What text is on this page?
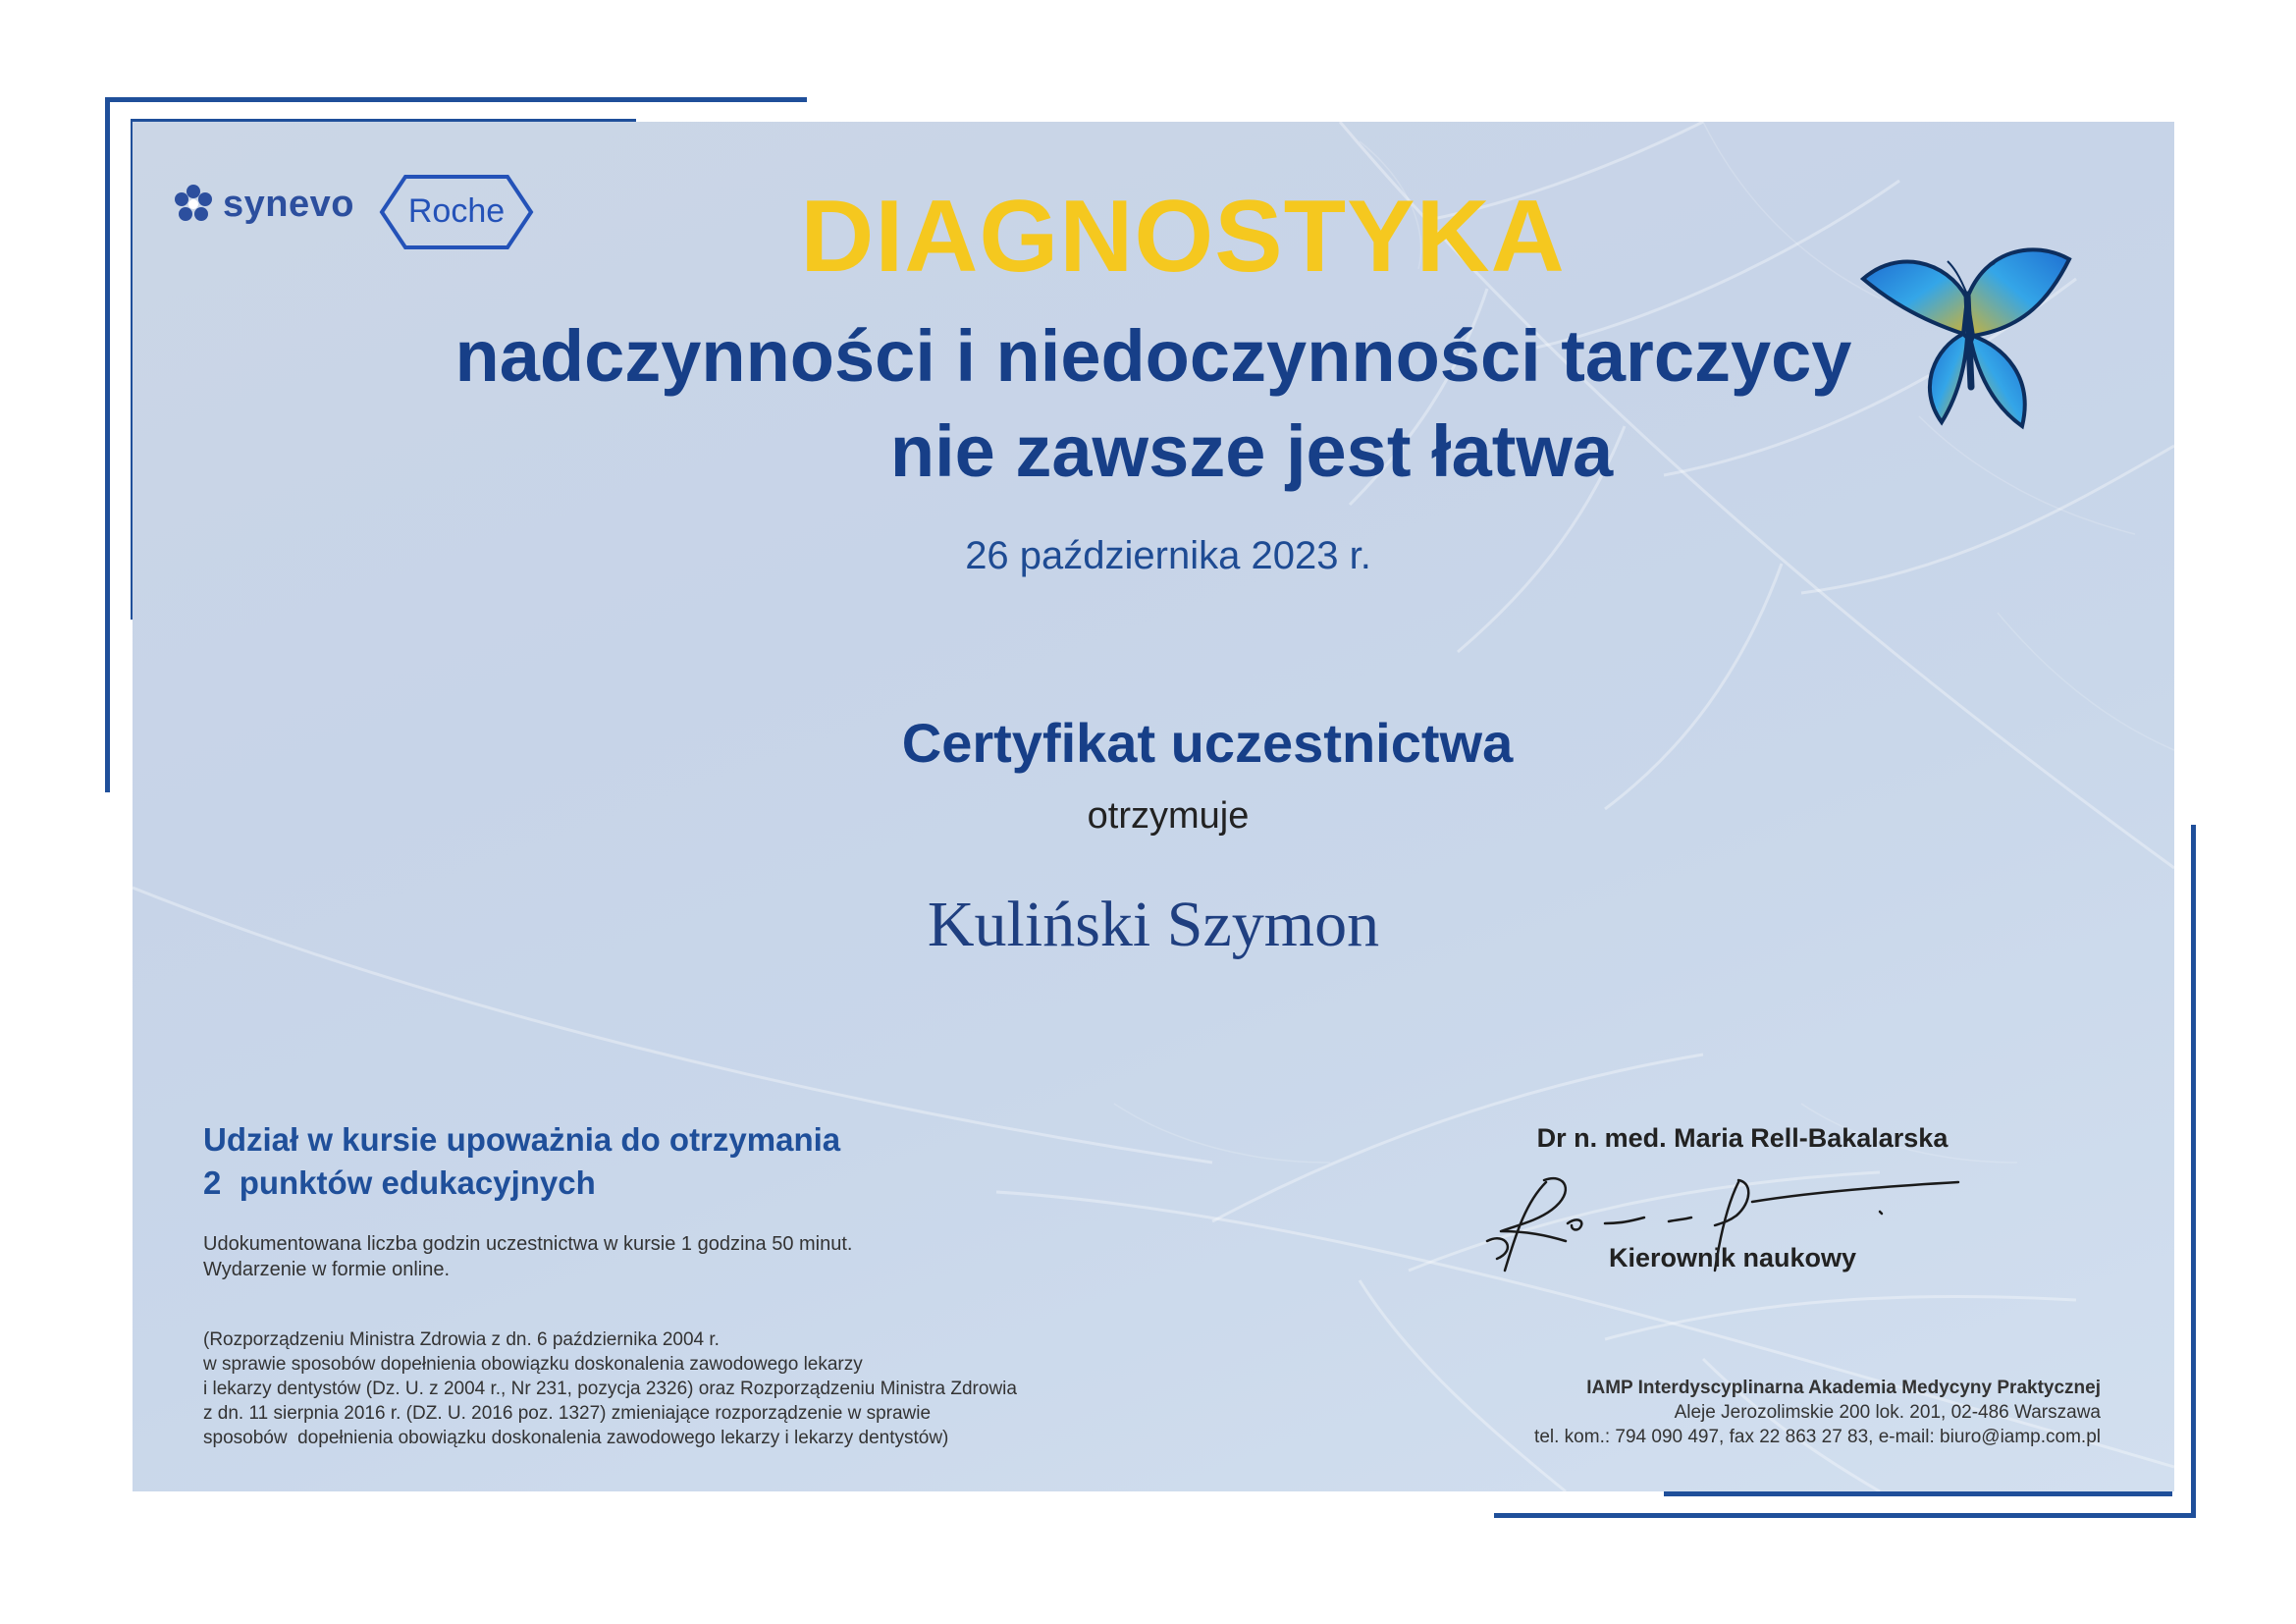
synevo	Roche	DIAGNOSTYKA
nadczynności i niedoczynności tarczycy
nie zawsze jest łatwa
26 października 2023 r.
Certyfikat uczestnictwa
otrzymuje
Kuliński Szymon
Udział w kursie upoważnia do otrzymania
2  punktów edukacyjnych
Udokumentowana liczba godzin uczestnictwa w kursie 1 godzina 50 minut.
Wydarzenie w formie online.
(Rozporządzeniu Ministra Zdrowia z dn. 6 października 2004 r.
w sprawie sposobów dopełnienia obowiązku doskonalenia zawodowego lekarzy
i lekarzy dentystów (Dz. U. z 2004 r., Nr 231, pozycja 2326) oraz Rozporządzeniu Ministra Zdrowia
z dn. 11 sierpnia 2016 r. (DZ. U. 2016 poz. 1327) zmieniające rozporządzenie w sprawie
sposobów  dopełnienia obowiązku doskonalenia zawodowego lekarzy i lekarzy dentystów)
Dr n. med. Maria Rell-Bakalarska
Kierownik naukowy
IAMP Interdyscyplinarna Akademia Medycyny Praktycznej
Aleje Jerozolimskie 200 lok. 201, 02-486 Warszawa
tel. kom.: 794 090 497, fax 22 863 27 83, e-mail: biuro@iamp.com.pl
